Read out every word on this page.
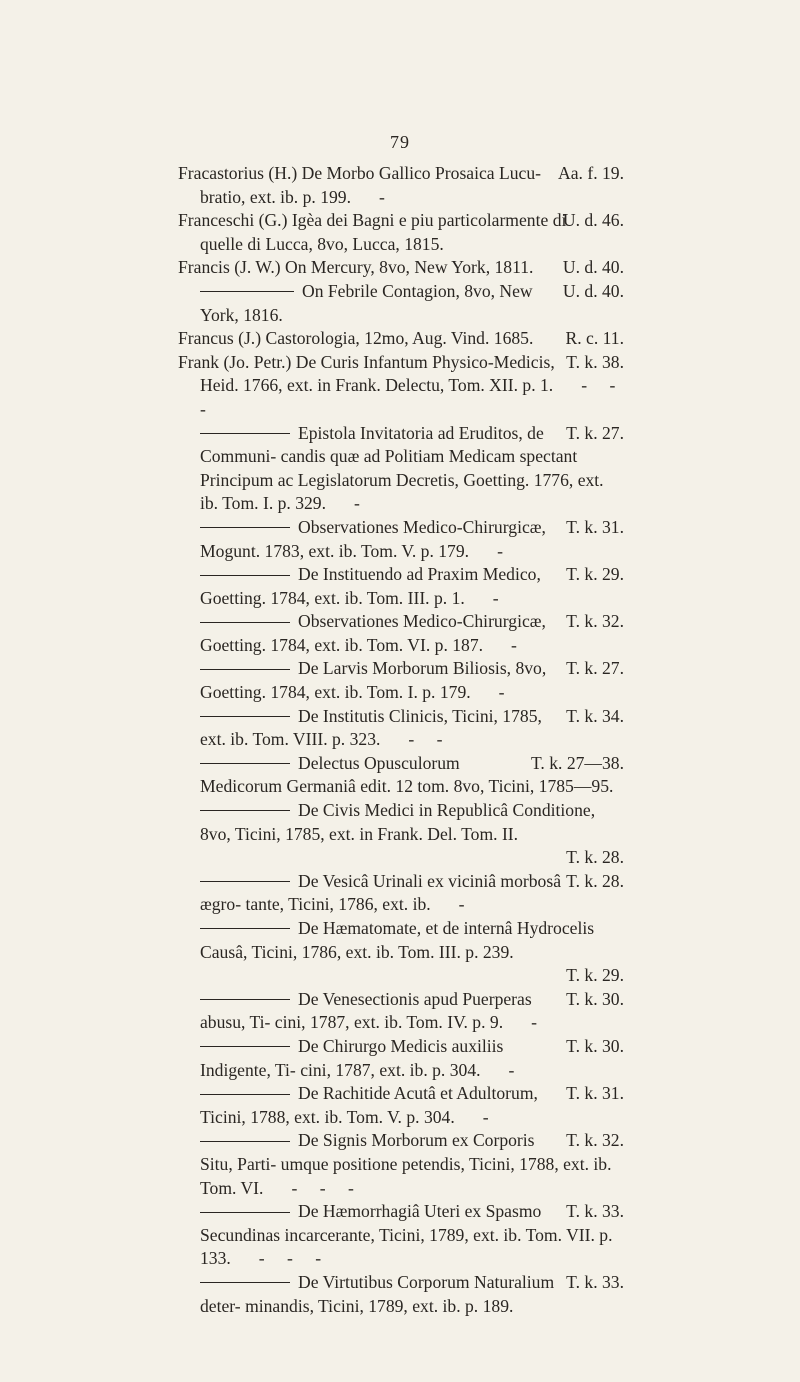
79
Aa. f. 19.
Fracastorius (H.) De Morbo Gallico Prosaica Lucu- bratio, ext. ib. p. 199. -
U. d. 46.
Franceschi (G.) Igèa dei Bagni e piu particolarmente di quelle di Lucca, 8vo, Lucca, 1815.
U. d. 40.
Francis (J. W.) On Mercury, 8vo, New York, 1811.
U. d. 40.
On Febrile Contagion, 8vo, New York, 1816.
R. c. 11.
Francus (J.) Castorologia, 12mo, Aug. Vind. 1685.
T. k. 38.
Frank (Jo. Petr.) De Curis Infantum Physico-Medicis, Heid. 1766, ext. in Frank. Delectu, Tom. XII. p. 1. - - -
T. k. 27.
Epistola Invitatoria ad Eruditos, de Communi- candis quæ ad Politiam Medicam spectant Principum ac Legislatorum Decretis, Goetting. 1776, ext. ib. Tom. I. p. 329. -
T. k. 31.
Observationes Medico-Chirurgicæ, Mogunt. 1783, ext. ib. Tom. V. p. 179. -
T. k. 29.
De Instituendo ad Praxim Medico, Goetting. 1784, ext. ib. Tom. III. p. 1. -
T. k. 32.
Observationes Medico-Chirurgicæ, Goetting. 1784, ext. ib. Tom. VI. p. 187. -
T. k. 27.
De Larvis Morborum Biliosis, 8vo, Goetting. 1784, ext. ib. Tom. I. p. 179. -
T. k. 34.
De Institutis Clinicis, Ticini, 1785, ext. ib. Tom. VIII. p. 323. - -
T. k. 27—38.
Delectus Opusculorum Medicorum Germaniâ edit. 12 tom. 8vo, Ticini, 1785—95.
De Civis Medici in Republicâ Conditione, 8vo, Ticini, 1785, ext. in Frank. Del. Tom. II.
T. k. 28.
T. k. 28.
De Vesicâ Urinali ex viciniâ morbosâ ægro- tante, Ticini, 1786, ext. ib. -
De Hæmatomate, et de internâ Hydrocelis Causâ, Ticini, 1786, ext. ib. Tom. III. p. 239.
T. k. 29.
T. k. 30.
De Venesectionis apud Puerperas abusu, Ti- cini, 1787, ext. ib. Tom. IV. p. 9. -
T. k. 30.
De Chirurgo Medicis auxiliis Indigente, Ti- cini, 1787, ext. ib. p. 304. -
T. k. 31.
De Rachitide Acutâ et Adultorum, Ticini, 1788, ext. ib. Tom. V. p. 304. -
T. k. 32.
De Signis Morborum ex Corporis Situ, Parti- umque positione petendis, Ticini, 1788, ext. ib. Tom. VI. - - -
T. k. 33.
De Hæmorrhagiâ Uteri ex Spasmo Secundinas incarcerante, Ticini, 1789, ext. ib. Tom. VII. p. 133. - - -
T. k. 33.
De Virtutibus Corporum Naturalium deter- minandis, Ticini, 1789, ext. ib. p. 189.
